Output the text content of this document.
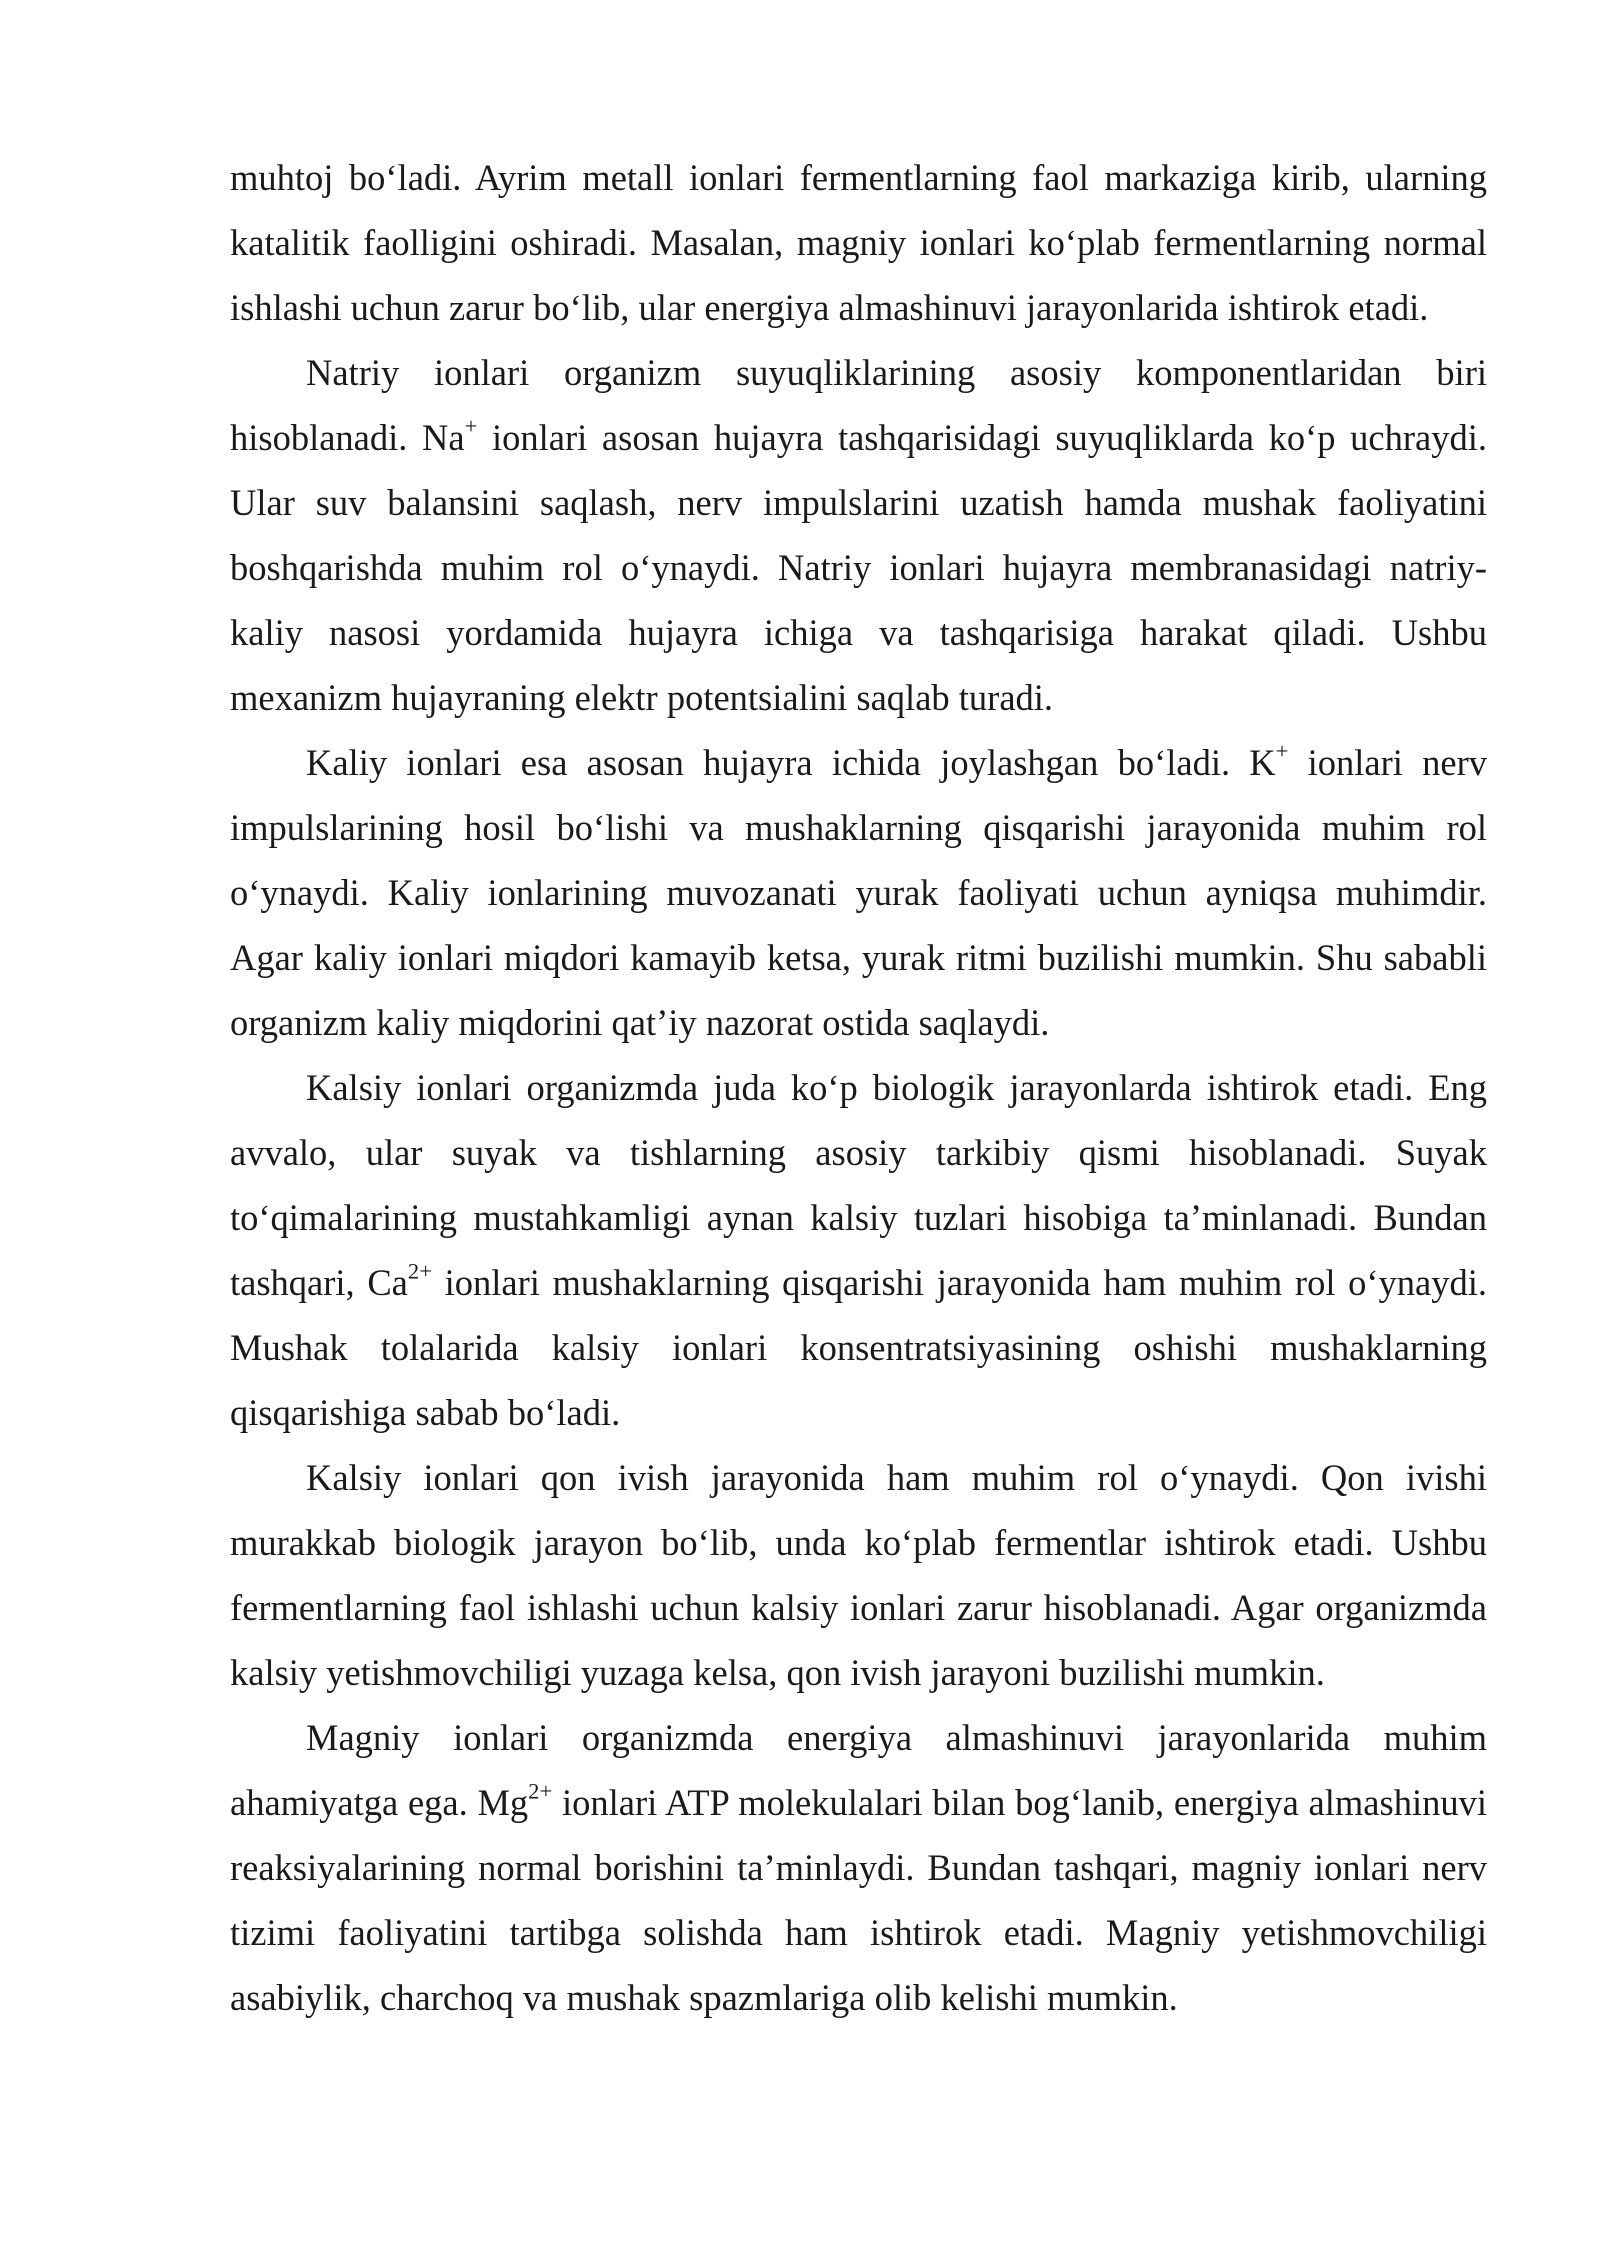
muhtoj bo‘ladi. Ayrim metall ionlari fermentlarning faol markaziga kirib, ularning katalitik faolligini oshiradi. Masalan, magniy ionlari ko‘plab fermentlarning normal ishlashi uchun zarur bo‘lib, ular energiya almashinuvi jarayonlarida ishtirok etadi.

Natriy ionlari organizm suyuqliklarining asosiy komponentlaridan biri hisoblanadi. Na+ ionlari asosan hujayra tashqarisidagi suyuqliklarda ko‘p uchraydi. Ular suv balansini saqlash, nerv impulslarini uzatish hamda mushak faoliyatini boshqarishda muhim rol o‘ynaydi. Natriy ionlari hujayra membranasidagi natriy-kaliy nasosi yordamida hujayra ichiga va tashqarisiga harakat qiladi. Ushbu mexanizm hujayraning elektr potentsialini saqlab turadi.

Kaliy ionlari esa asosan hujayra ichida joylashgan bo‘ladi. K+ ionlari nerv impulslarining hosil bo‘lishi va mushaklarning qisqarishi jarayonida muhim rol o‘ynaydi. Kaliy ionlarining muvozanati yurak faoliyati uchun ayniqsa muhimdir. Agar kaliy ionlari miqdori kamayib ketsa, yurak ritmi buzilishi mumkin. Shu sababli organizm kaliy miqdorini qat’iy nazorat ostida saqlaydi.

Kalsiy ionlari organizmda juda ko‘p biologik jarayonlarda ishtirok etadi. Eng avvalo, ular suyak va tishlarning asosiy tarkibiy qismi hisoblanadi. Suyak to‘qimalarining mustahkamligi aynan kalsiy tuzlari hisobiga ta’minlanadi. Bundan tashqari, $Ca^{2+}$ ionlari mushaklarning qisqarishi jarayonida ham muhim rol o‘ynaydi. Mushak tolalarida kalsiy ionlari konsentratsiyasining oshishi mushaklarning qisqarishiga sabab bo‘ladi.

Kalsiy ionlari qon ivish jarayonida ham muhim rol o‘ynaydi. Qon ivishi murakkab biologik jarayon bo‘lib, unda ko‘plab fermentlar ishtirok etadi. Ushbu fermentlarning faol ishlashi uchun kalsiy ionlari zarur hisoblanadi. Agar organizmda kalsiy yetishmovchiligi yuzaga kelsa, qon ivish jarayoni buzilishi mumkin.

Magniy ionlari organizmda energiya almashinuvi jarayonlarida muhim ahamiyatga ega. $Mg^{2+}$ ionlari ATP molekulalari bilan bog‘lanib, energiya almashinuvi reaksiyalarining normal borishini ta’minlaydi. Bundan tashqari, magniy ionlari nerv tizimi faoliyatini tartibga solishda ham ishtirok etadi. Magniy yetishmovchiligi asabiylik, charchoq va mushak spazmlariga olib kelishi mumkin.
